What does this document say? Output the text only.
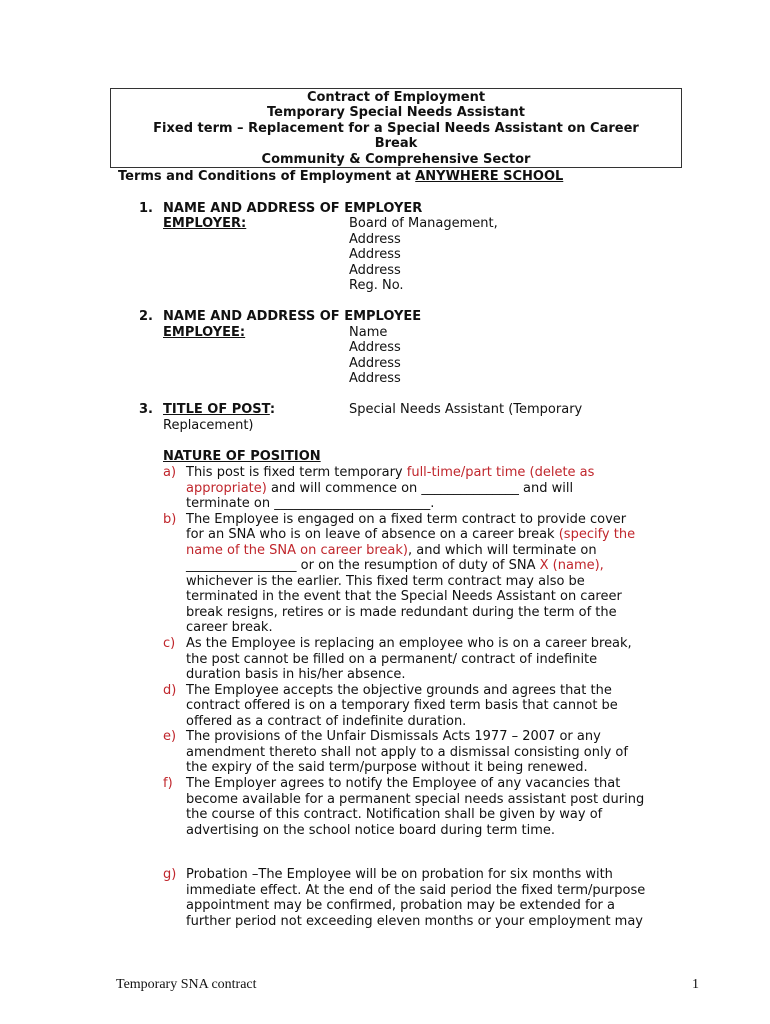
Contract of Employment
Temporary Special Needs Assistant
Fixed term – Replacement for a Special Needs Assistant on Career
Break
Community & Comprehensive Sector
Terms and Conditions of Employment at ANYWHERE SCHOOL
1. NAME AND ADDRESS OF EMPLOYER
EMPLOYER:	Board of Management,
Address
Address
Address
Reg. No.
2. NAME AND ADDRESS OF EMPLOYEE
EMPLOYEE:	Name
Address
Address
Address
3. TITLE OF POST:	Special Needs Assistant (Temporary
Replacement)
NATURE OF POSITION
a) This post is fixed term temporary full-time/part time (delete as
appropriate) and will commence on _______________ and will
terminate on ________________________.
b) The Employee is engaged on a fixed term contract to provide cover
for an SNA who is on leave of absence on a career break (specify the
name of the SNA on career break), and which will terminate on
_________________ or on the resumption of duty of SNA X (name),
whichever is the earlier. This fixed term contract may also be
terminated in the event that the Special Needs Assistant on career
break resigns, retires or is made redundant during the term of the
career break.
c) As the Employee is replacing an employee who is on a career break,
the post cannot be filled on a permanent/ contract of indefinite
duration basis in his/her absence.
d) The Employee accepts the objective grounds and agrees that the
contract offered is on a temporary fixed term basis that cannot be
offered as a contract of indefinite duration.
e) The provisions of the Unfair Dismissals Acts 1977 – 2007 or any
amendment thereto shall not apply to a dismissal consisting only of
the expiry of the said term/purpose without it being renewed.
f) The Employer agrees to notify the Employee of any vacancies that
become available for a permanent special needs assistant post during
the course of this contract. Notification shall be given by way of
advertising on the school notice board during term time.
g) Probation –The Employee will be on probation for six months with
immediate effect. At the end of the said period the fixed term/purpose
appointment may be confirmed, probation may be extended for a
further period not exceeding eleven months or your employment may
Temporary SNA contract	1
